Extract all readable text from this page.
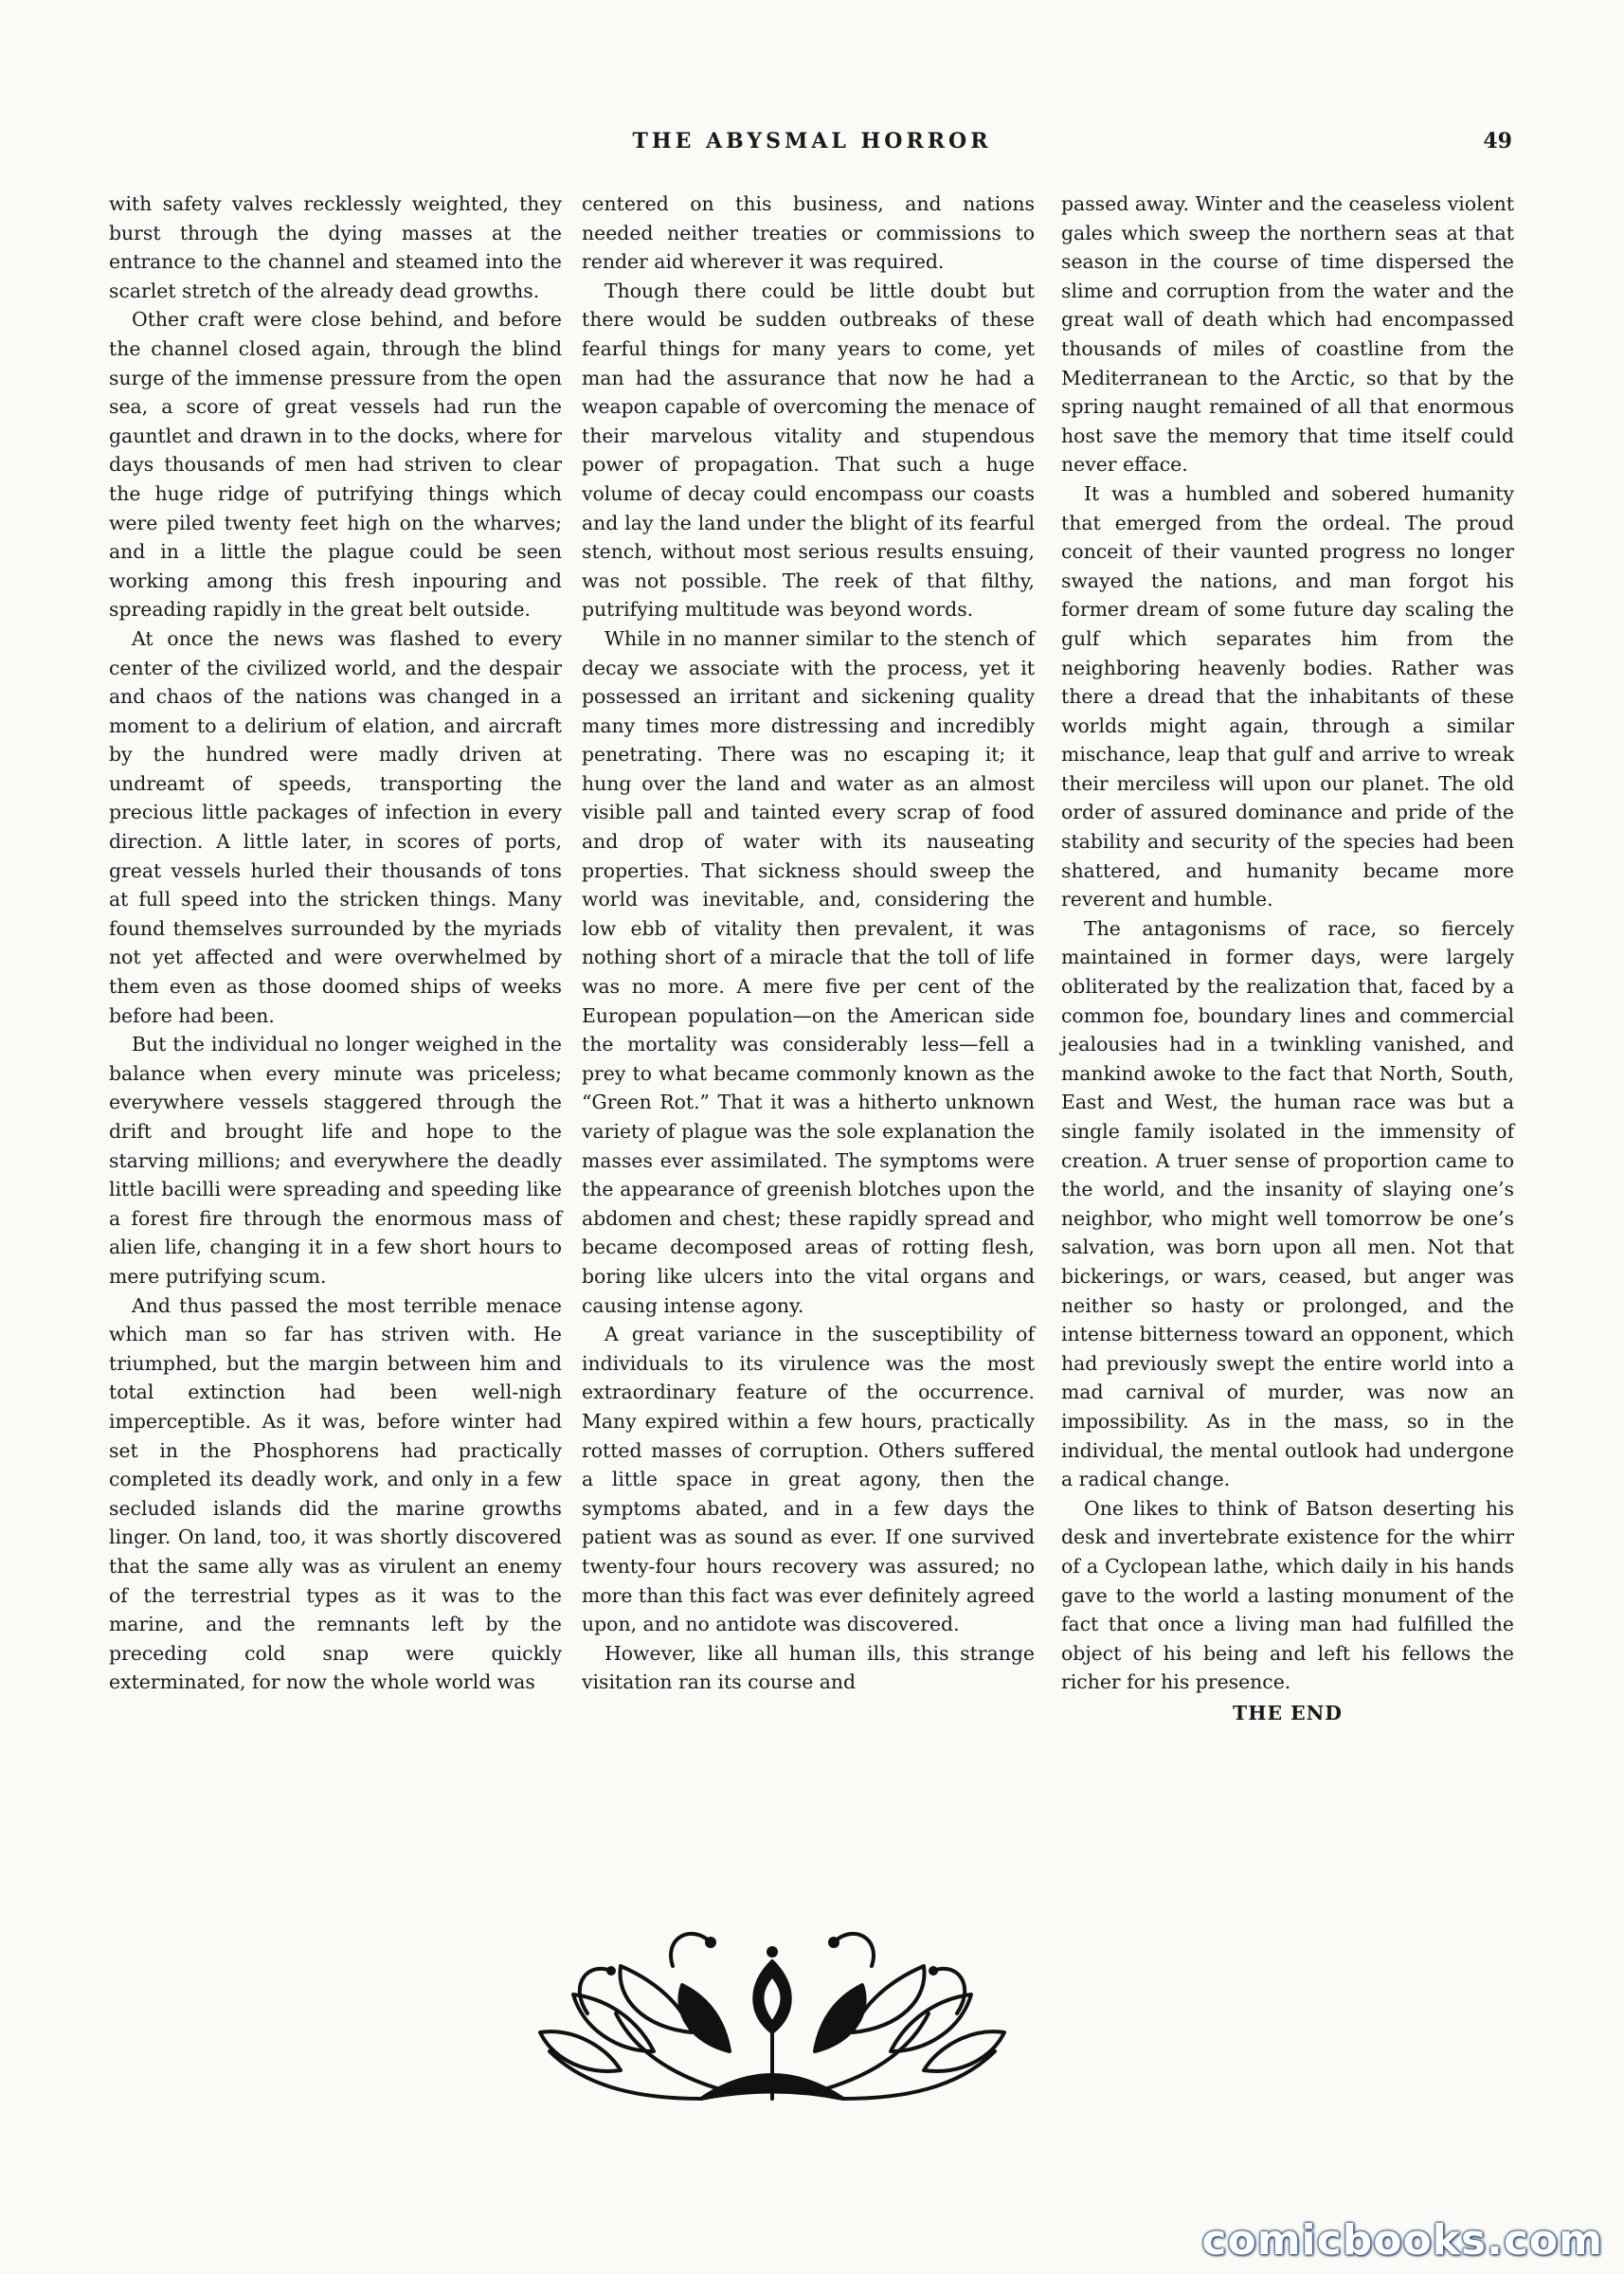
THE ABYSMAL HORROR	49

with safety valves recklessly weighted, they burst through the dying masses at the entrance to the channel and steamed into the scarlet stretch of the already dead growths.

Other craft were close behind, and before the channel closed again, through the blind surge of the immense pressure from the open sea, a score of great vessels had run the gauntlet and drawn in to the docks, where for days thousands of men had striven to clear the huge ridge of putrifying things which were piled twenty feet high on the wharves; and in a little the plague could be seen working among this fresh inpouring and spreading rapidly in the great belt outside.

At once the news was flashed to every center of the civilized world, and the despair and chaos of the nations was changed in a moment to a delirium of elation, and aircraft by the hundred were madly driven at undreamt of speeds, transporting the precious little packages of infection in every direction. A little later, in scores of ports, great vessels hurled their thousands of tons at full speed into the stricken things. Many found themselves surrounded by the myriads not yet affected and were overwhelmed by them even as those doomed ships of weeks before had been.

But the individual no longer weighed in the balance when every minute was priceless; everywhere vessels staggered through the drift and brought life and hope to the starving millions; and everywhere the deadly little bacilli were spreading and speeding like a forest fire through the enormous mass of alien life, changing it in a few short hours to mere putrifying scum.

And thus passed the most terrible menace which man so far has striven with. He triumphed, but the margin between him and total extinction had been well-nigh imperceptible. As it was, before winter had set in the Phosphorens had practically completed its deadly work, and only in a few secluded islands did the marine growths linger. On land, too, it was shortly discovered that the same ally was as virulent an enemy of the terrestrial types as it was to the marine, and the remnants left by the preceding cold snap were quickly exterminated, for now the whole world was

centered on this business, and nations needed neither treaties or commissions to render aid wherever it was required.

Though there could be little doubt but there would be sudden outbreaks of these fearful things for many years to come, yet man had the assurance that now he had a weapon capable of overcoming the menace of their marvelous vitality and stupendous power of propagation. That such a huge volume of decay could encompass our coasts and lay the land under the blight of its fearful stench, without most serious results ensuing, was not possible. The reek of that filthy, putrifying multitude was beyond words.

While in no manner similar to the stench of decay we associate with the process, yet it possessed an irritant and sickening quality many times more distressing and incredibly penetrating. There was no escaping it; it hung over the land and water as an almost visible pall and tainted every scrap of food and drop of water with its nauseating properties. That sickness should sweep the world was inevitable, and, considering the low ebb of vitality then prevalent, it was nothing short of a miracle that the toll of life was no more. A mere five per cent of the European population—on the American side the mortality was considerably less—fell a prey to what became commonly known as the “Green Rot.” That it was a hitherto unknown variety of plague was the sole explanation the masses ever assimilated. The symptoms were the appearance of greenish blotches upon the abdomen and chest; these rapidly spread and became decomposed areas of rotting flesh, boring like ulcers into the vital organs and causing intense agony.

A great variance in the susceptibility of individuals to its virulence was the most extraordinary feature of the occurrence. Many expired within a few hours, practically rotted masses of corruption. Others suffered a little space in great agony, then the symptoms abated, and in a few days the patient was as sound as ever. If one survived twenty-four hours recovery was assured; no more than this fact was ever definitely agreed upon, and no antidote was discovered.

However, like all human ills, this strange visitation ran its course and

passed away. Winter and the ceaseless violent gales which sweep the northern seas at that season in the course of time dispersed the slime and corruption from the water and the great wall of death which had encompassed thousands of miles of coastline from the Mediterranean to the Arctic, so that by the spring naught remained of all that enormous host save the memory that time itself could never efface.

It was a humbled and sobered humanity that emerged from the ordeal. The proud conceit of their vaunted progress no longer swayed the nations, and man forgot his former dream of some future day scaling the gulf which separates him from the neighboring heavenly bodies. Rather was there a dread that the inhabitants of these worlds might again, through a similar mischance, leap that gulf and arrive to wreak their merciless will upon our planet. The old order of assured dominance and pride of the stability and security of the species had been shattered, and humanity became more reverent and humble.

The antagonisms of race, so fiercely maintained in former days, were largely obliterated by the realization that, faced by a common foe, boundary lines and commercial jealousies had in a twinkling vanished, and mankind awoke to the fact that North, South, East and West, the human race was but a single family isolated in the immensity of creation. A truer sense of proportion came to the world, and the insanity of slaying one’s neighbor, who might well tomorrow be one’s salvation, was born upon all men. Not that bickerings, or wars, ceased, but anger was neither so hasty or prolonged, and the intense bitterness toward an opponent, which had previously swept the entire world into a mad carnival of murder, was now an impossibility. As in the mass, so in the individual, the mental outlook had undergone a radical change.

One likes to think of Batson deserting his desk and invertebrate existence for the whirr of a Cyclopean lathe, which daily in his hands gave to the world a lasting monument of the fact that once a living man had fulfilled the object of his being and left his fellows the richer for his presence.

THE END
comicbooks.com
